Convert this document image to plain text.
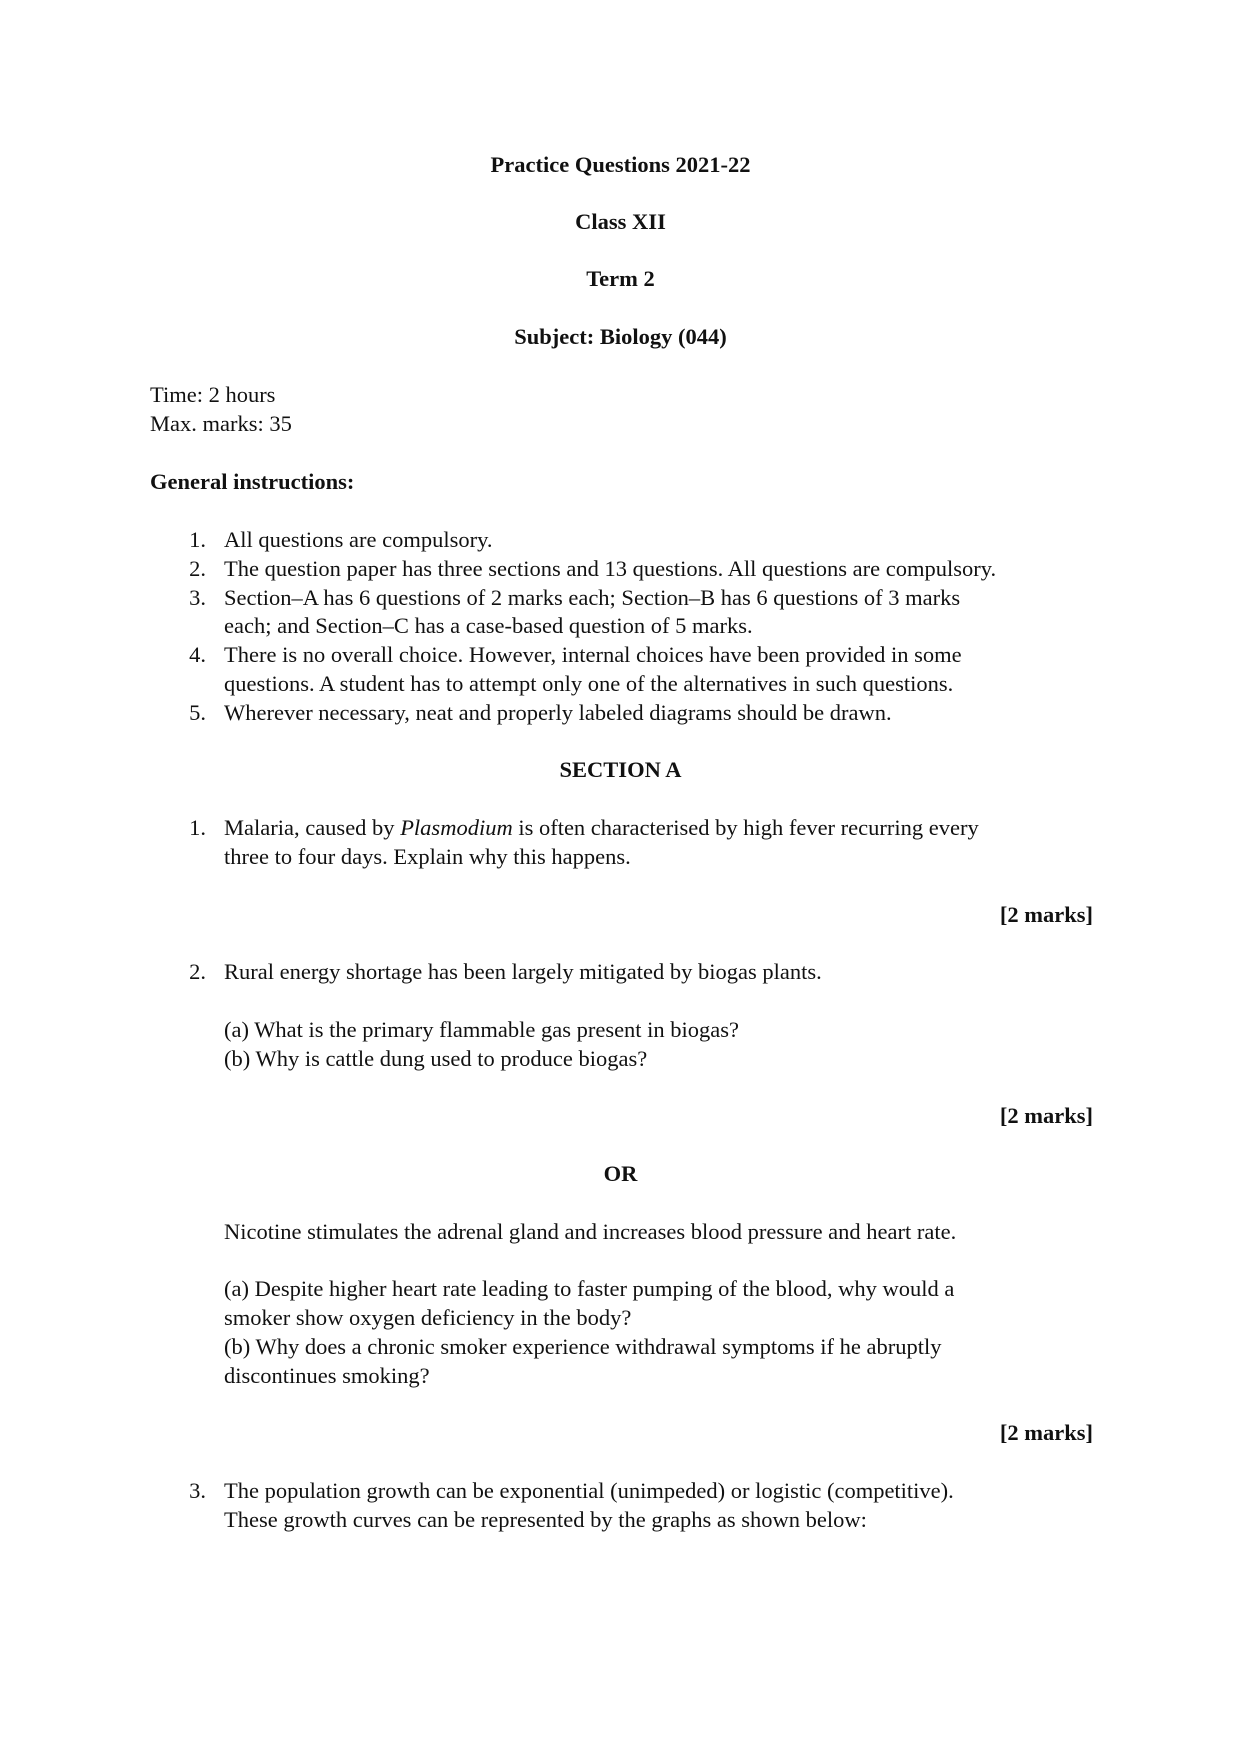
Practice Questions 2021-22
Class XII
Term 2
Subject: Biology (044)
Time: 2 hours
Max. marks: 35
General instructions:
1. All questions are compulsory.
2. The question paper has three sections and 13 questions. All questions are compulsory.
3. Section–A has 6 questions of 2 marks each; Section–B has 6 questions of 3 marks
each; and Section–C has a case-based question of 5 marks.
4. There is no overall choice. However, internal choices have been provided in some
questions. A student has to attempt only one of the alternatives in such questions.
5. Wherever necessary, neat and properly labeled diagrams should be drawn.
SECTION A
1. Malaria, caused by Plasmodium is often characterised by high fever recurring every
three to four days. Explain why this happens.
[2 marks]
2. Rural energy shortage has been largely mitigated by biogas plants.
(a) What is the primary flammable gas present in biogas?
(b) Why is cattle dung used to produce biogas?
[2 marks]
OR
Nicotine stimulates the adrenal gland and increases blood pressure and heart rate.
(a) Despite higher heart rate leading to faster pumping of the blood, why would a
smoker show oxygen deficiency in the body?
(b) Why does a chronic smoker experience withdrawal symptoms if he abruptly
discontinues smoking?
[2 marks]
3. The population growth can be exponential (unimpeded) or logistic (competitive).
These growth curves can be represented by the graphs as shown below:
